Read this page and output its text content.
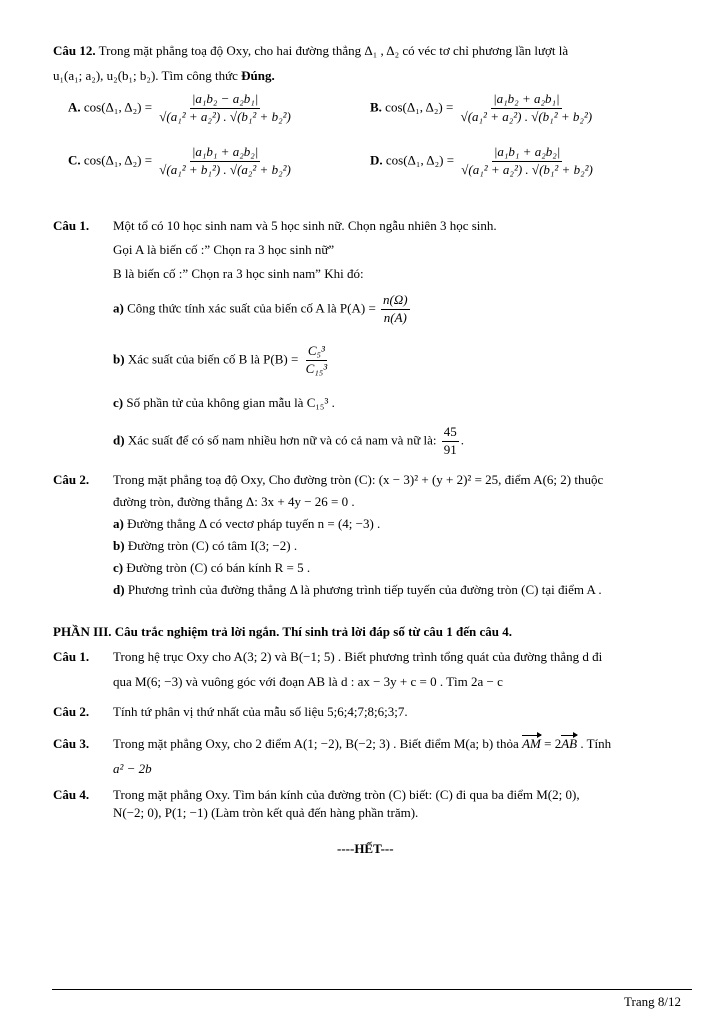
Câu 12. Trong mặt phẳng toạ độ Oxy, cho hai đường thẳng Δ₁ , Δ₂ có véc tơ chỉ phương lần lượt là
u₁(a₁; a₂), u₂(b₁; b₂). Tìm công thức Đúng.
A. cos(Δ₁, $\Delta_2) = \frac{\text{|a₁b₂ − a₂b₁|}}{\text{√(a₁² + a₂²) . √(b₁² + b₂²)}}$	B. cos(Δ₁, $\Delta_2) = \frac{\text{|a₁b₂ + a₂b₁|}}{\text{√(a₁² + a₂²) . √(b₁² + b₂²)}}$
C. cos(Δ₁, $\Delta_2) = \frac{\text{|a₁b₁ + a₂b₂|}}{\text{√(a₁² + b₁²) . √(a₂² + b₂²)}}$	D. cos(Δ₁, $\Delta_2) = \frac{\text{|a₁b₁ + a₂b₂|}}{\text{√(a₁² + a₂²) . √(b₁² + b₂²)}}$
Câu 1. Một tổ có 10 học sinh nam và 5 học sinh nữ. Chọn ngẫu nhiên 3 học sinh.
Gọi A là biến cố :” Chọn ra 3 học sinh nữ”
B là biến cố :” Chọn ra 3 học sinh nam” Khi đó:
a) Công thức tính xác suất của biến cố A là $P(A) = \frac{n(\Omega)}{n(A)}$
b) Xác suất của biến cố B là $P(B) = \frac{\text{C₅³}}{\text{C₁₅³}}$
c) Số phần tử của không gian mẫu là C₁₅³ .
d) Xác suất để có số nam nhiều hơn nữ và có cả nam và nữ là: $\frac{45}{91}$ .
Câu 2. Trong mặt phẳng toạ độ Oxy, Cho đường tròn (C): (x − 3)² + (y + 2)² = 25, điểm A(6; 2) thuộc
đường tròn, đường thẳng Δ: 3x + 4y − 26 = 0 .
a) Đường thẳng Δ có vectơ pháp tuyến n = (4; −3) .
b) Đường tròn (C) có tâm I(3; −2) .
c) Đường tròn (C) có bán kính R = 5 .
d) Phương trình của đường thẳng Δ là phương trình tiếp tuyến của đường tròn (C) tại điểm A .
PHẦN III. Câu trắc nghiệm trả lời ngắn. Thí sinh trả lời đáp số từ câu 1 đến câu 4.
Câu 1. Trong hệ trục Oxy cho A(3; 2) và B(−1; 5) . Biết phương trình tổng quát của đường thẳng d đi
qua M(6; −3) và vuông góc với đoạn AB là d : ax − 3y + c = 0 . Tìm 2a − c
Câu 2. Tính tứ phân vị thứ nhất của mẫu số liệu 5;6;4;7;8;6;3;7.
Câu 3. Trong mặt phẳng Oxy, cho 2 điểm A(1; −2), B(−2; 3) . Biết điểm M(a; b) thỏa AM = 2AB . Tính
a² − 2b
Câu 4. Trong mặt phẳng Oxy. Tìm bán kính của đường tròn (C) biết: (C) đi qua ba điểm M(2; 0),
N(−2; 0), P(1; −1) (Làm tròn kết quả đến hàng phần trăm).
----HẾT---
Trang 8/12
